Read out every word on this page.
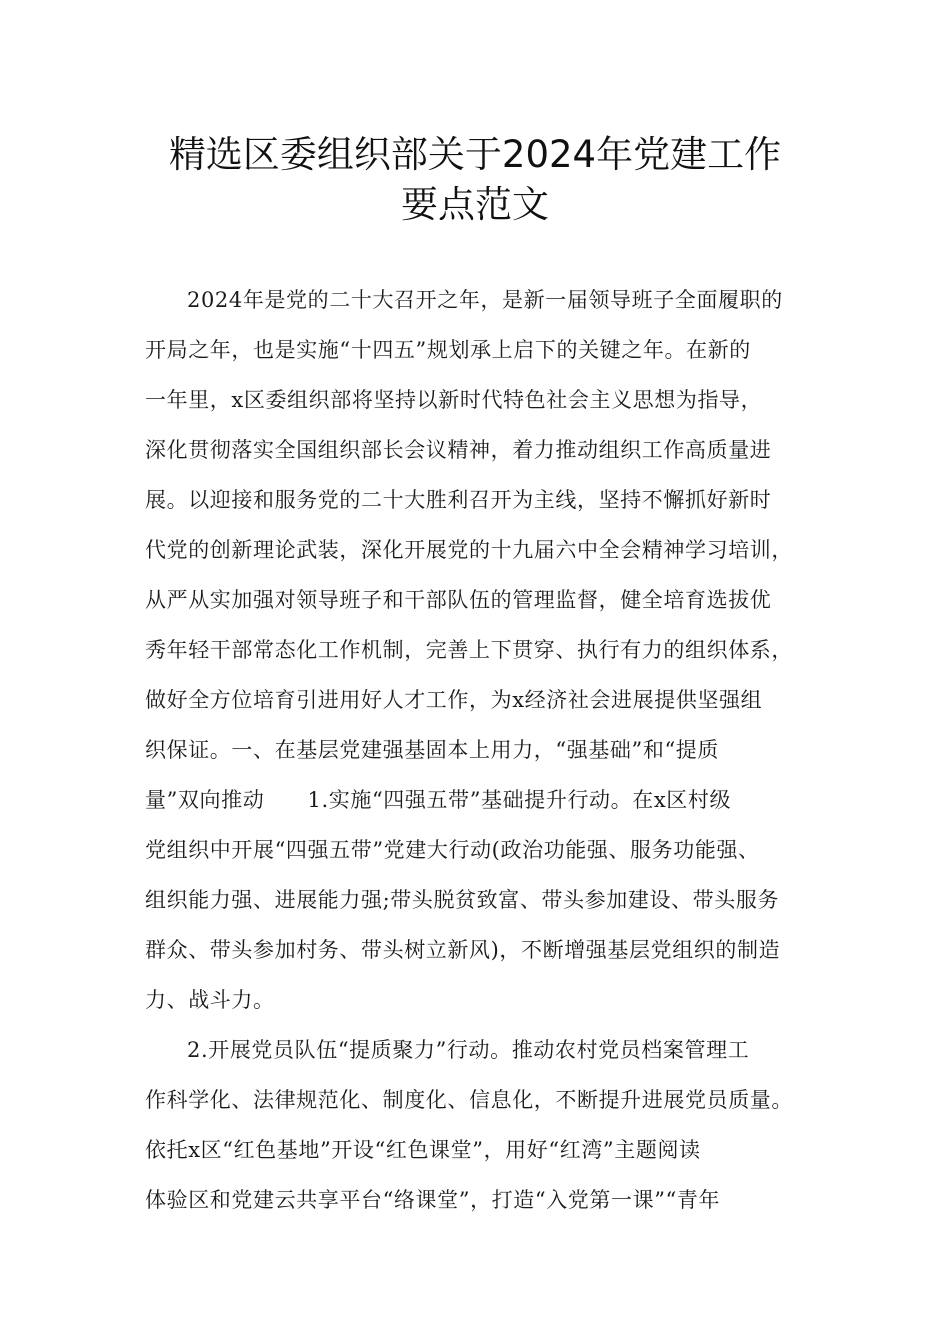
精选区委组织部关于2024年党建工作
要点范文
2024年是党的二十大召开之年，是新一届领导班子全面履职的
开局之年，也是实施“十四五”规划承上启下的关键之年。在新的
一年里，x区委组织部将坚持以新时代特色社会主义思想为指导，
深化贯彻落实全国组织部长会议精神，着力推动组织工作高质量进
展。以迎接和服务党的二十大胜利召开为主线，坚持不懈抓好新时
代党的创新理论武装，深化开展党的十九届六中全会精神学习培训，
从严从实加强对领导班子和干部队伍的管理监督，健全培育选拔优
秀年轻干部常态化工作机制，完善上下贯穿、执行有力的组织体系，
做好全方位培育引进用好人才工作，为x经济社会进展提供坚强组
织保证。一、在基层党建强基固本上用力，“强基础”和“提质
量”双向推动　　1.实施“四强五带”基础提升行动。在x区村级
党组织中开展“四强五带”党建大行动(政治功能强、服务功能强、
组织能力强、进展能力强;带头脱贫致富、带头参加建设、带头服务
群众、带头参加村务、带头树立新风)，不断增强基层党组织的制造
力、战斗力。
2.开展党员队伍“提质聚力”行动。推动农村党员档案管理工
作科学化、法律规范化、制度化、信息化，不断提升进展党员质量。
依托x区“红色基地”开设“红色课堂”，用好“红湾”主题阅读
体验区和党建云共享平台“络课堂”，打造“入党第一课”“青年
